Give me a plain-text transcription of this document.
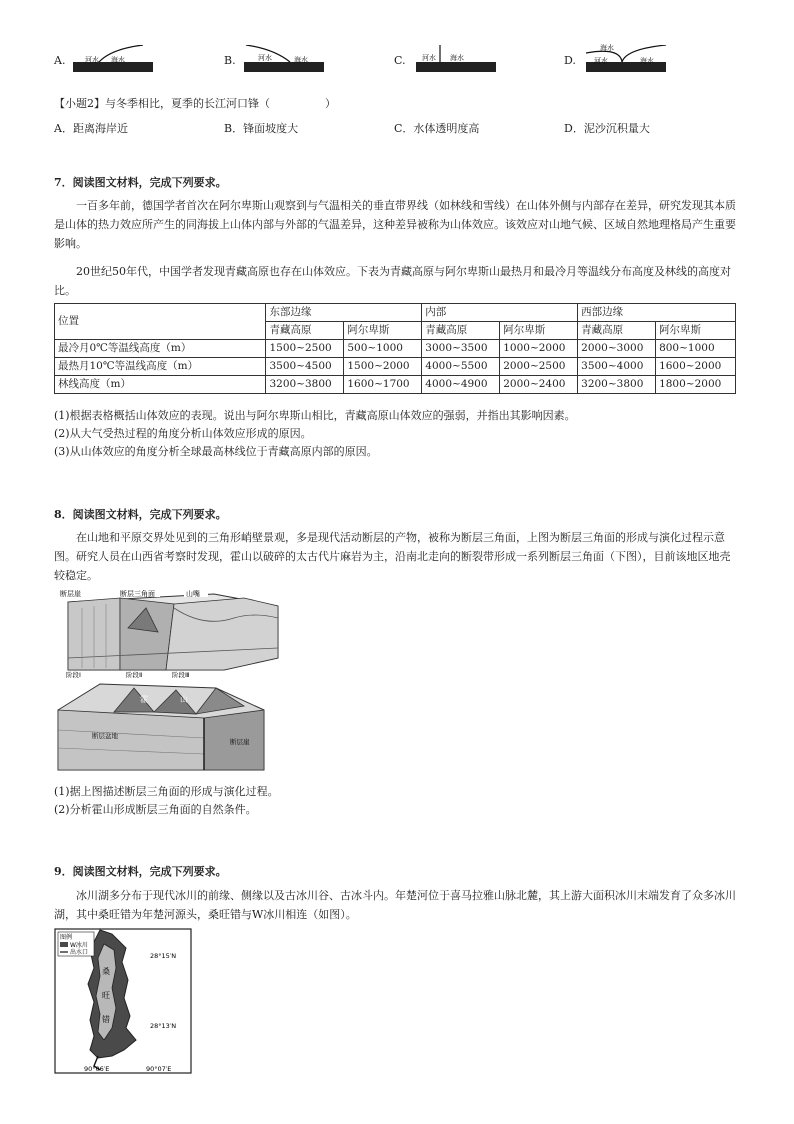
A.	河水 海水	B.	河水	海水	C. 河水 海水	D.
海水
河水	海水
【小题2】与冬季相比，夏季的长江河口锋（　　　　　）
A．距离海岸近	B．锋面坡度大	C．水体透明度高	D．泥沙沉积量大
7．阅读图文材料，完成下列要求。
一百多年前，德国学者首次在阿尔卑斯山观察到与气温相关的垂直带界线（如林线和雪线）在山体外侧与内部存在差异，研究发现其本质是山体的热力效应所产生的同海拔上山体内部与外部的气温差异，这种差异被称为山体效应。该效应对山地气候、区域自然地理格局产生重要影响。
20世纪50年代，中国学者发现青藏高原也存在山体效应。下表为青藏高原与阿尔卑斯山最热月和最冷月等温线分布高度及林线的高度对比。
位置	东部边缘		内部		西部边缘	
	青藏高原	阿尔卑斯	青藏高原	阿尔卑斯	青藏高原	阿尔卑斯
最冷月0℃等温线高度（m）	1500~2500	500~1000	3000~3500	1000~2000	2000~3000	800~1000
最热月10℃等温线高度（m）	3500~4500	1500~2000	4000~5500	2000~2500	3500~4000	1600~2000
林线高度（m）	3200~3800	1600~1700	4000~4900	2000~2400	3200~3800	1800~2000
(1)根据表格概括山体效应的表现。说出与阿尔卑斯山相比，青藏高原山体效应的强弱，并指出其影响因素。
(2)从大气受热过程的角度分析山体效应形成的原因。
(3)从山体效应的角度分析全球最高林线位于青藏高原内部的原因。
8．阅读图文材料，完成下列要求。
在山地和平原交界处见到的三角形峭壁景观，多是现代活动断层的产物，被称为断层三角面，上图为断层三角面的形成与演化过程示意图。研究人员在山西省考察时发现，霍山以破碎的太古代片麻岩为主，沿南北走向的断裂带形成一系列断层三角面（下图），目前该地区地壳较稳定。
断层崖	断层三角面	山嘴
阶段Ⅰ	阶段Ⅱ	阶段Ⅲ
霍	山
断层盆地
断层崖
(1)据上图描述断层三角面的形成与演化过程。
(2)分析霍山形成断层三角面的自然条件。
9．阅读图文材料，完成下列要求。
冰川湖多分布于现代冰川的前缘、侧缘以及古冰川谷、古冰斗内。年楚河位于喜马拉雅山脉北麓，其上游大面积冰川末端发育了众多冰川湖，其中桑旺错为年楚河源头，桑旺错与W冰川相连（如图）。
图例
W冰川
出水口	28°15′N
28°13′N
90°06′E	90°07′E
桑
旺
错
